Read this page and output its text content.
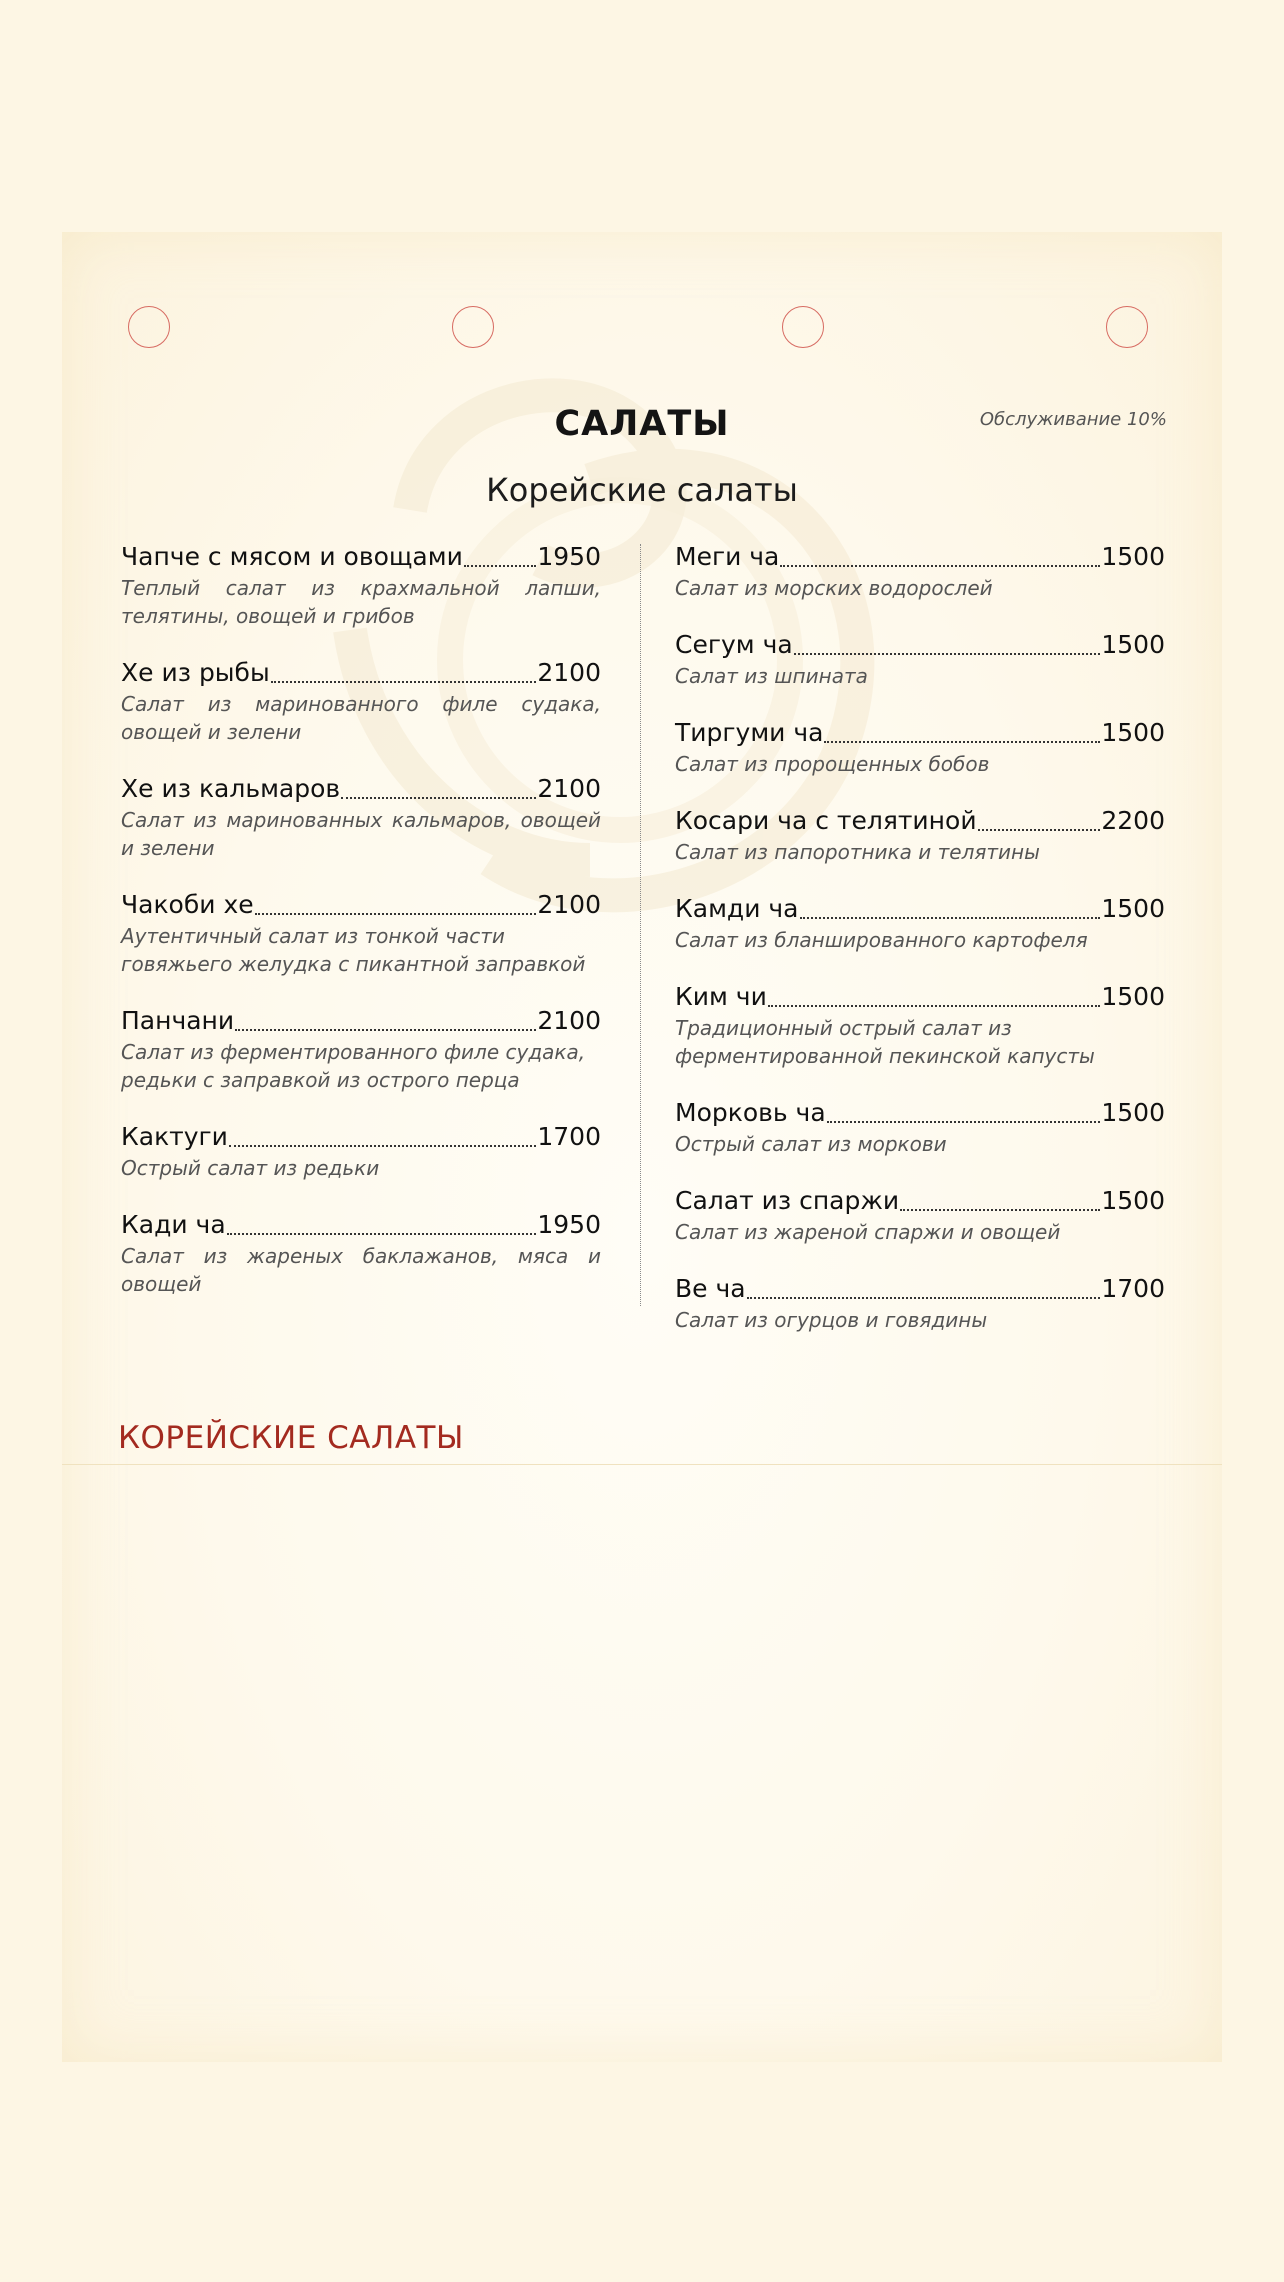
САЛАТЫ	Обслуживание 10%
Корейские салаты
Чапче с мясом и овощами	1950
Теплый салат из крахмальной лапши, телятины, овощей и грибов
Хе из рыбы	2100
Салат из маринованного филе судака, овощей и зелени
Хе из кальмаров	2100
Салат из маринованных кальмаров, овощей и зелени
Чакоби хе	2100
Аутентичный салат из тонкой части говяжьего желудка с пикантной заправкой
Панчани	2100
Салат из ферментированного филе судака, редьки с заправкой из острого перца
Кактуги	1700
Острый салат из редьки
Кади ча	1950
Салат из жареных баклажанов, мяса и овощей
Меги ча	1500
Салат из морских водорослей
Сегум ча	1500
Салат из шпината
Тиргуми ча	1500
Салат из пророщенных бобов
Косари ча с телятиной	2200
Салат из папоротника и телятины
Камди ча	1500
Салат из бланшированного картофеля
Ким чи	1500
Традиционный острый салат из ферментированной пекинской капусты
Морковь ча	1500
Острый салат из моркови
Салат из спаржи	1500
Салат из жареной спаржи и овощей
Ве ча	1700
Салат из огурцов и говядины
КОРЕЙСКИЕ САЛАТЫ
